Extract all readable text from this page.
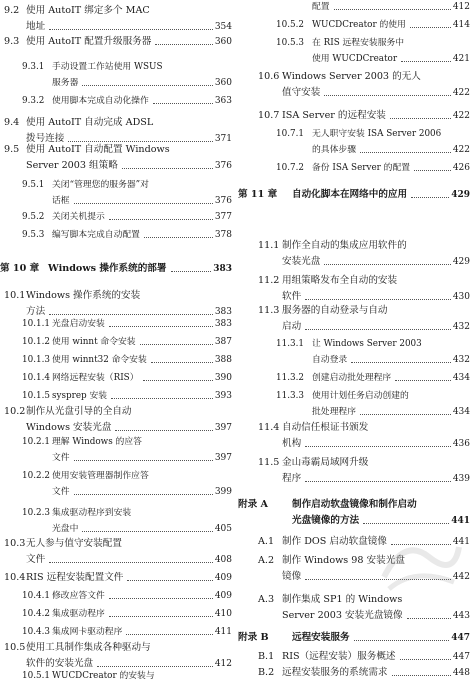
9.2 使用 AutoIT 绑定多个 MAC
地址	354
9.3 使用 AutoIT 配置升级服务器	360
9.3.1 手动设置工作站使用 WSUS
服务器	360
9.3.2 使用脚本完成自动化操作	363
9.4 使用 AutoIT 自动完成 ADSL
拨号连接	371
9.5 使用 AutoIT 自动配置 Windows
Server 2003 组策略	376
9.5.1 关闭“管理您的服务器”对
话框	376
9.5.2 关闭关机提示	377
9.5.3 编写脚本完成自动配置	378
第 10 章 Windows 操作系统的部署	383
10.1 Windows 操作系统的安装
方法	383
10.1.1 光盘启动安装	383
10.1.2 使用 winnt 命令安装	387
10.1.3 使用 winnt32 命令安装	388
10.1.4 网络远程安装（RIS）	390
10.1.5 sysprep 安装	393
10.2 制作从光盘引导的全自动
Windows 安装光盘	397
10.2.1 理解 Windows 的应答
文件	397
10.2.2 使用安装管理器制作应答
文件	399
10.2.3 集成驱动程序到安装
光盘中	405
10.3 无人参与值守安装配置
文件	408
10.4 RIS 远程安装配置文件	409
10.4.1 修改应答文件	409
10.4.2 集成驱动程序	410
10.4.3 集成网卡驱动程序	411
10.5 使用工具制作集成各种驱动与
软件的安装光盘	412
10.5.1 WUCDCreator 的安装与
配置	412
10.5.2 WUCDCreator 的使用	414
10.5.3 在 RIS 远程安装服务中
使用 WUCDCreator	421
10.6 Windows Server 2003 的无人
值守安装	422
10.7 ISA Server 的远程安装	422
10.7.1 无人职守安装 ISA Server 2006
的具体步骤	422
10.7.2 备份 ISA Server 的配置	426
第 11 章 自动化脚本在网络中的应用	429
11.1 制作全自动的集成应用软件的
安装光盘	429
11.2 用组策略发布全自动的安装
软件	430
11.3 服务器的自动登录与自动
启动	432
11.3.1 让 Windows Server 2003
自动登录	432
11.3.2 创建启动批处理程序	434
11.3.3 使用计划任务启动创建的
批处理程序	434
11.4 自动信任根证书颁发
机构	436
11.5 金山毒霸局域网升级
程序	439
附录 A	制作启动软盘镜像和制作启动
光盘镜像的方法	441
A.1 制作 DOS 启动软盘镜像	441
A.2 制作 Windows 98 安装光盘
镜像	442
A.3 制作集成 SP1 的 Windows
Server 2003 安装光盘镜像	443
附录 B 远程安装服务	447
B.1 RIS（远程安装）服务概述	447
B.2 远程安装服务的系统需求	448
